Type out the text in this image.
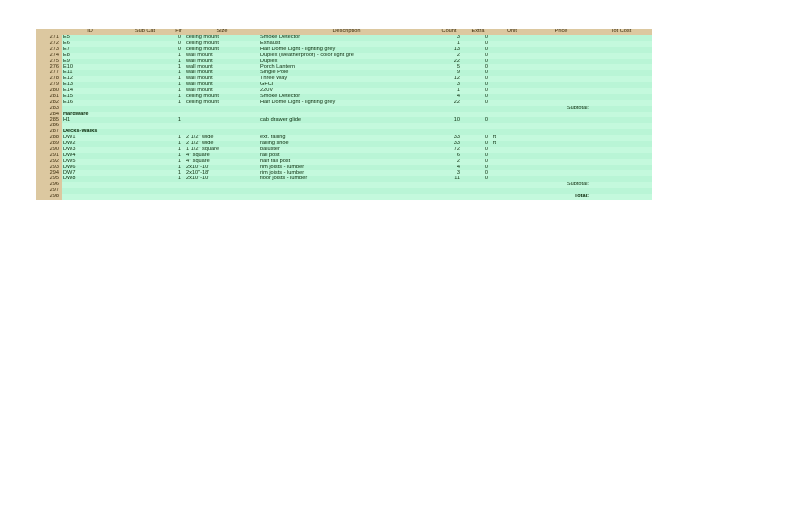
	ID	Sub Cat	Flr	Size	Description	Count	Extra	Unit	Price	Tot Cost
271	E5		0	ceiling mount	Smoke Detector	3	0			
272	E6		0	ceiling mount	Exhaust	1	0			
273	E7		0	ceiling mount	Half Dome Light - lighting grey	13	0			
274	E8		1	wall mount	Duplex (weatherproof) - color light gre	2	0			
275	E9		1	wall mount	Duplex	22	0			
276	E10		1	wall mount	Porch Lantern	5	0			
277	E11		1	wall mount	Single Pole	9	0			
278	E12		1	wall mount	Three Way	12	0			
279	E13		1	wall mount	GFCI	3	0			
280	E14		1	wall mount	220V	1	0			
281	E15		1	ceiling mount	Smoke Detector	4	0			
282	E16		1	ceiling mount	Half Dome Light - lighting grey	22	0			
283									Subtotal:	
284	Hardware									
285	H1		1		cab drawer glide	10	0			
286										
287	Decks-Walks									
288	DW1		1	2 1/2" wide	ext. railing	33	0	ft		
289	DW2		1	2 1/2" wide	railing shoe	33	0	ft		
290	DW3		1	1 1/2" square	baluster	72	0			
291	DW4		1	4" square	rail post	6	0			
292	DW5		1	4" square	half rail post	2	0			
293	DW6		1	2x10"-10'	rim joists - lumber	4	0			
294	DW7		1	2x10"-18'	rim joists - lumber	3	0			
295	DW8		1	2x10"-10'	floor joists - lumber	11	0			
296									Subtotal:	
297										
298									Total:	
